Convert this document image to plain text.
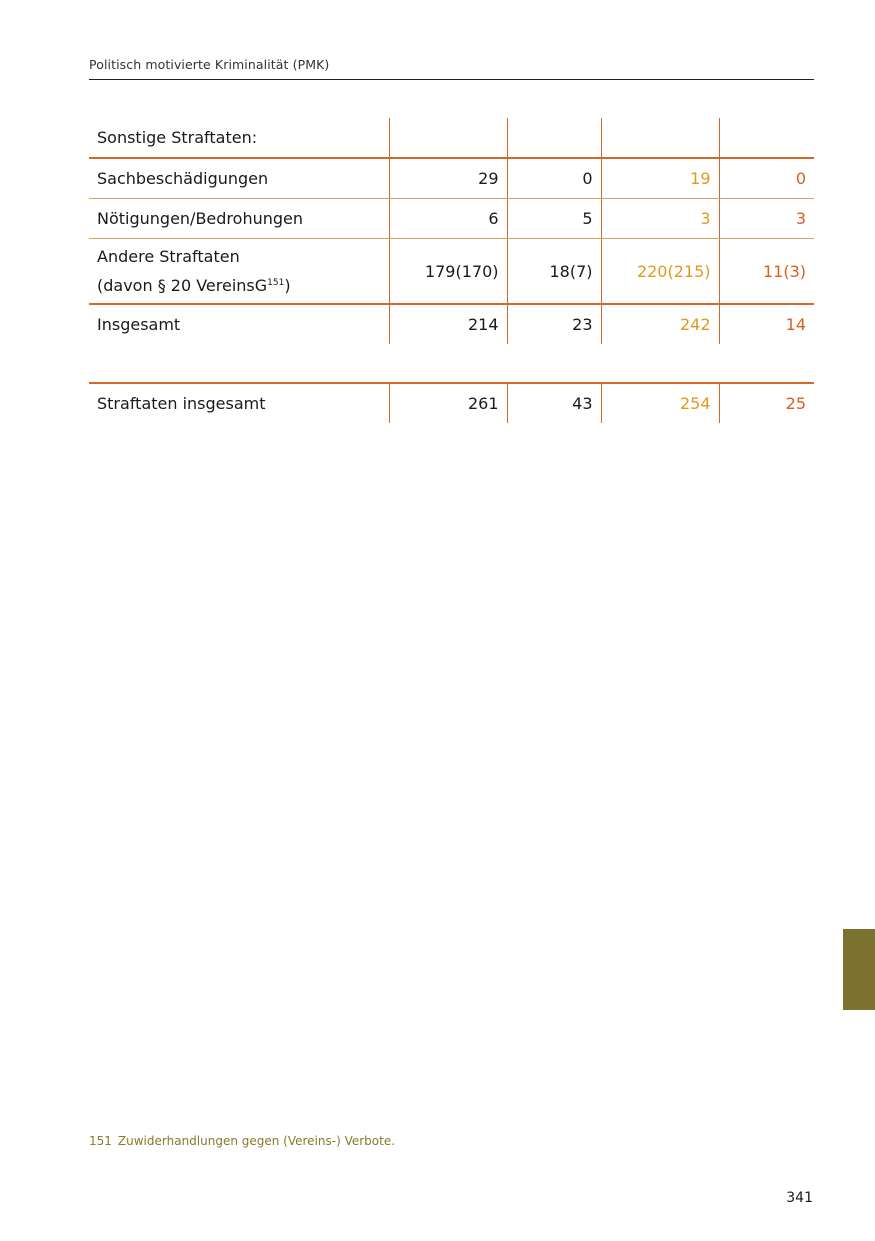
Politisch motivierte Kriminalität (PMK)
Sonstige Straftaten:				
Sachbeschädigungen	29	0	19	0
Nötigungen/Bedrohungen	6	5	3	3

Andere Straftaten
(davon § 20 VereinsG$^{151}$)	179(170)	18(7)	220(215)	11(3)
Insgesamt	214	23	242	14

Straftaten insgesamt	261	43	254	25
151 Zuwiderhandlungen gegen (Vereins-) Verbote.
341
